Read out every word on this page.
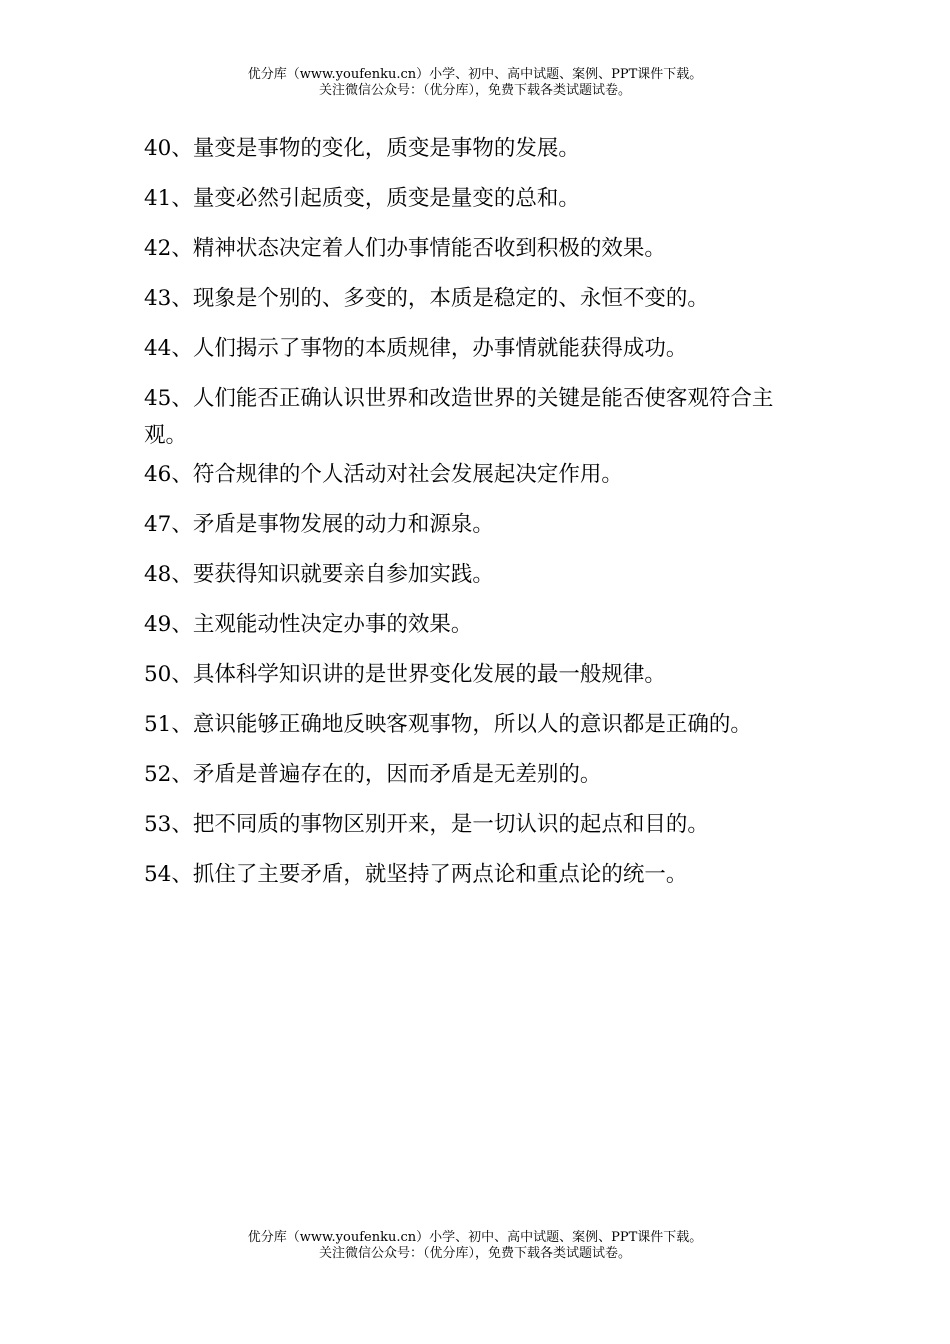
优分库（www.youfenku.cn）小学、初中、高中试题、案例、PPT课件下载。
关注微信公众号：（优分库），免费下载各类试题试卷。
40、量变是事物的变化，质变是事物的发展。
41、量变必然引起质变，质变是量变的总和。
42、精神状态决定着人们办事情能否收到积极的效果。
43、现象是个别的、多变的，本质是稳定的、永恒不变的。
44、人们揭示了事物的本质规律，办事情就能获得成功。
45、人们能否正确认识世界和改造世界的关键是能否使客观符合主观。
46、符合规律的个人活动对社会发展起决定作用。
47、矛盾是事物发展的动力和源泉。
48、要获得知识就要亲自参加实践。
49、主观能动性决定办事的效果。
50、具体科学知识讲的是世界变化发展的最一般规律。
51、意识能够正确地反映客观事物，所以人的意识都是正确的。
52、矛盾是普遍存在的，因而矛盾是无差别的。
53、把不同质的事物区别开来，是一切认识的起点和目的。
54、抓住了主要矛盾，就坚持了两点论和重点论的统一。
优分库（www.youfenku.cn）小学、初中、高中试题、案例、PPT课件下载。
关注微信公众号：（优分库），免费下载各类试题试卷。
